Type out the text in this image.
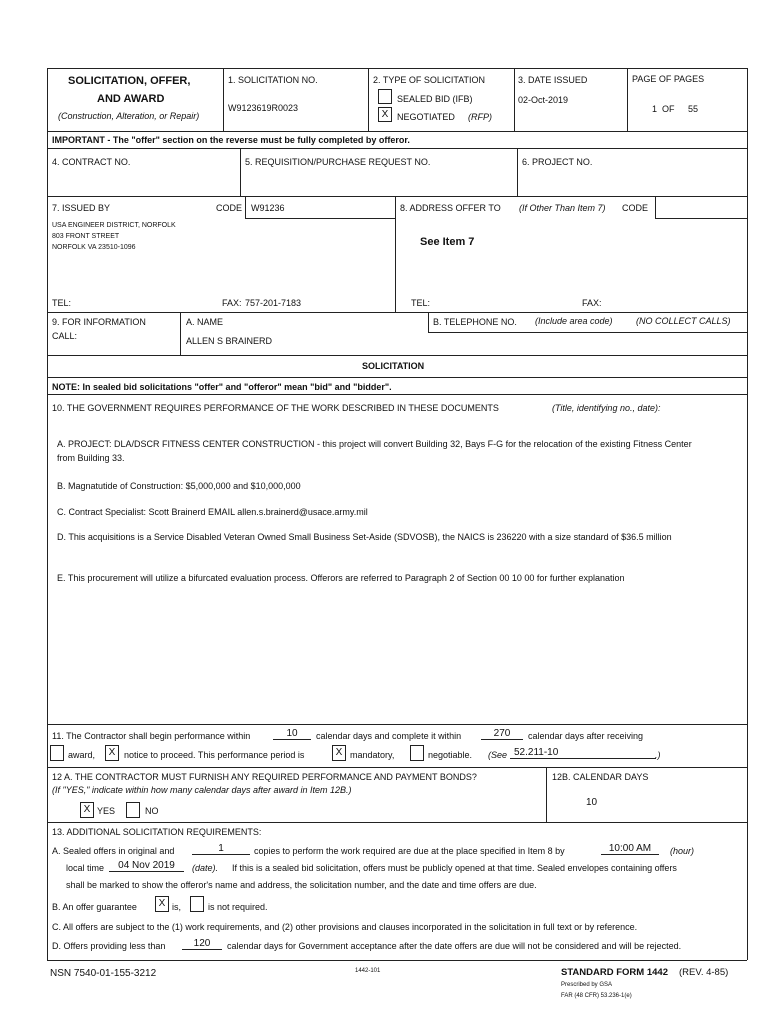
SOLICITATION, OFFER,
AND AWARD
(Construction, Alteration, or Repair)
1. SOLICITATION NO.
W9123619R0023
2. TYPE OF SOLICITATION
SEALED BID (IFB)
X NEGOTIATED (RFP)
3. DATE ISSUED
02-Oct-2019
PAGE OF PAGES
1 OF 55
IMPORTANT - The "offer" section on the reverse must be fully completed by offeror.
4. CONTRACT NO.	5. REQUISITION/PURCHASE REQUEST NO.	6. PROJECT NO.
7. ISSUED BY	CODE W91236
USA ENGINEER DISTRICT, NORFOLK
803 FRONT STREET
NORFOLK VA 23510-1096
TEL:	FAX: 757-201-7183
8. ADDRESS OFFER TO (If Other Than Item 7) CODE
See Item 7
TEL:	FAX:
9. FOR INFORMATION
CALL:
A. NAME
ALLEN S BRAINERD
B. TELEPHONE NO. (Include area code)	(NO COLLECT CALLS)
SOLICITATION
NOTE: In sealed bid solicitations "offer" and "offeror" mean "bid" and "bidder".
10. THE GOVERNMENT REQUIRES PERFORMANCE OF THE WORK DESCRIBED IN THESE DOCUMENTS	(Title, identifying no., date):
A. PROJECT: DLA/DSCR FITNESS CENTER CONSTRUCTION - this project will convert Building 32, Bays F-G for the relocation of the existing Fitness Center from Building 33.
B. Magnatutide of Construction: $5,000,000 and $10,000,000
C. Contract Specialist: Scott Brainerd EMAIL allen.s.brainerd@usace.army.mil
D. This acquisitions is a Service Disabled Veteran Owned Small Business Set-Aside (SDVOSB), the NAICS is 236220 with a size standard of $36.5 million
E. This procurement will utilize a bifurcated evaluation process. Offerors are referred to Paragraph 2 of Section 00 10 00 for further explanation
11. The Contractor shall begin performance within	10	calendar days and complete it within	270	calendar days after receiving
award,	X notice to proceed. This performance period is	X mandatory,	negotiable. (See 52.211-10	.)
12 A. THE CONTRACTOR MUST FURNISH ANY REQUIRED PERFORMANCE AND PAYMENT BONDS?
(If "YES," indicate within how many calendar days after award in Item 12B.)
X YES	NO
12B. CALENDAR DAYS
10
13. ADDITIONAL SOLICITATION REQUIREMENTS:
A. Sealed offers in original and	1	copies to perform the work required are due at the place specified in Item 8 by	10:00 AM	(hour)
local time	04 Nov 2019	(date). If this is a sealed bid solicitation, offers must be publicly opened at that time. Sealed envelopes containing offers
shall be marked to show the offeror's name and address, the solicitation number, and the date and time offers are due.
B. An offer guarantee	X is,	is not required.
C. All offers are subject to the (1) work requirements, and (2) other provisions and clauses incorporated in the solicitation in full text or by reference.
D. Offers providing less than	120	calendar days for Government acceptance after the date offers are due will not be considered and will be rejected.
NSN 7540-01-155-3212	1442-101	STANDARD FORM 1442 (REV. 4-85)
Prescribed by GSA
FAR (48 CFR) 53.236-1(e)
